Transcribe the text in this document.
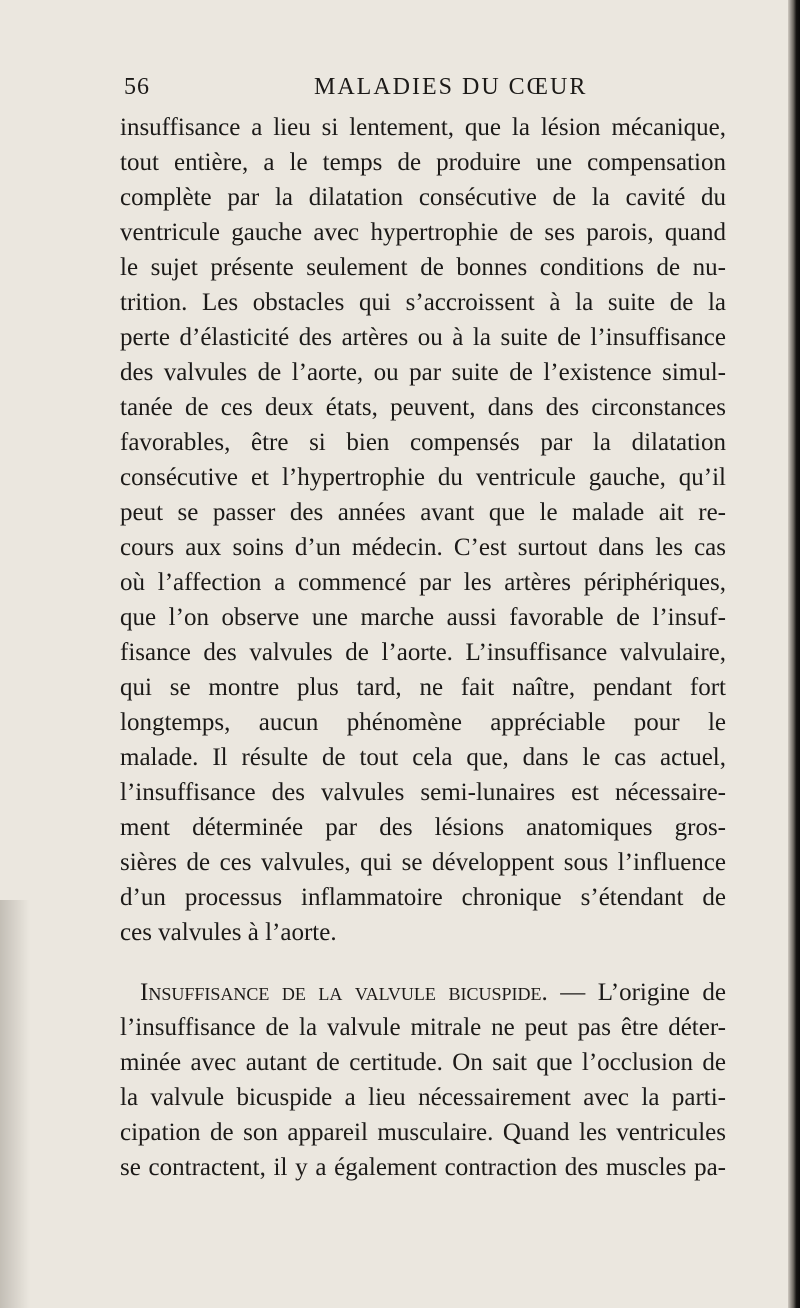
56	MALADIES DU CŒUR
insuffisance a lieu si lentement, que la lésion mécanique,
tout entière, a le temps de produire une compensation
complète par la dilatation consécutive de la cavité du
ventricule gauche avec hypertrophie de ses parois, quand
le sujet présente seulement de bonnes conditions de nu-
trition. Les obstacles qui s’accroissent à la suite de la
perte d’élasticité des artères ou à la suite de l’insuffisance
des valvules de l’aorte, ou par suite de l’existence simul-
tanée de ces deux états, peuvent, dans des circonstances
favorables, être si bien compensés par la dilatation
consécutive et l’hypertrophie du ventricule gauche, qu’il
peut se passer des années avant que le malade ait re-
cours aux soins d’un médecin. C’est surtout dans les cas
où l’affection a commencé par les artères périphériques,
que l’on observe une marche aussi favorable de l’insuf-
fisance des valvules de l’aorte. L’insuffisance valvulaire,
qui se montre plus tard, ne fait naître, pendant fort
longtemps, aucun phénomène appréciable pour le
malade. Il résulte de tout cela que, dans le cas actuel,
l’insuffisance des valvules semi-lunaires est nécessaire-
ment déterminée par des lésions anatomiques gros-
sières de ces valvules, qui se développent sous l’influence
d’un processus inflammatoire chronique s’étendant de
ces valvules à l’aorte.
Insuffisance de la valvule bicuspide. — L’origine de
l’insuffisance de la valvule mitrale ne peut pas être déter-
minée avec autant de certitude. On sait que l’occlusion de
la valvule bicuspide a lieu nécessairement avec la parti-
cipation de son appareil musculaire. Quand les ventricules
se contractent, il y a également contraction des muscles pa-
